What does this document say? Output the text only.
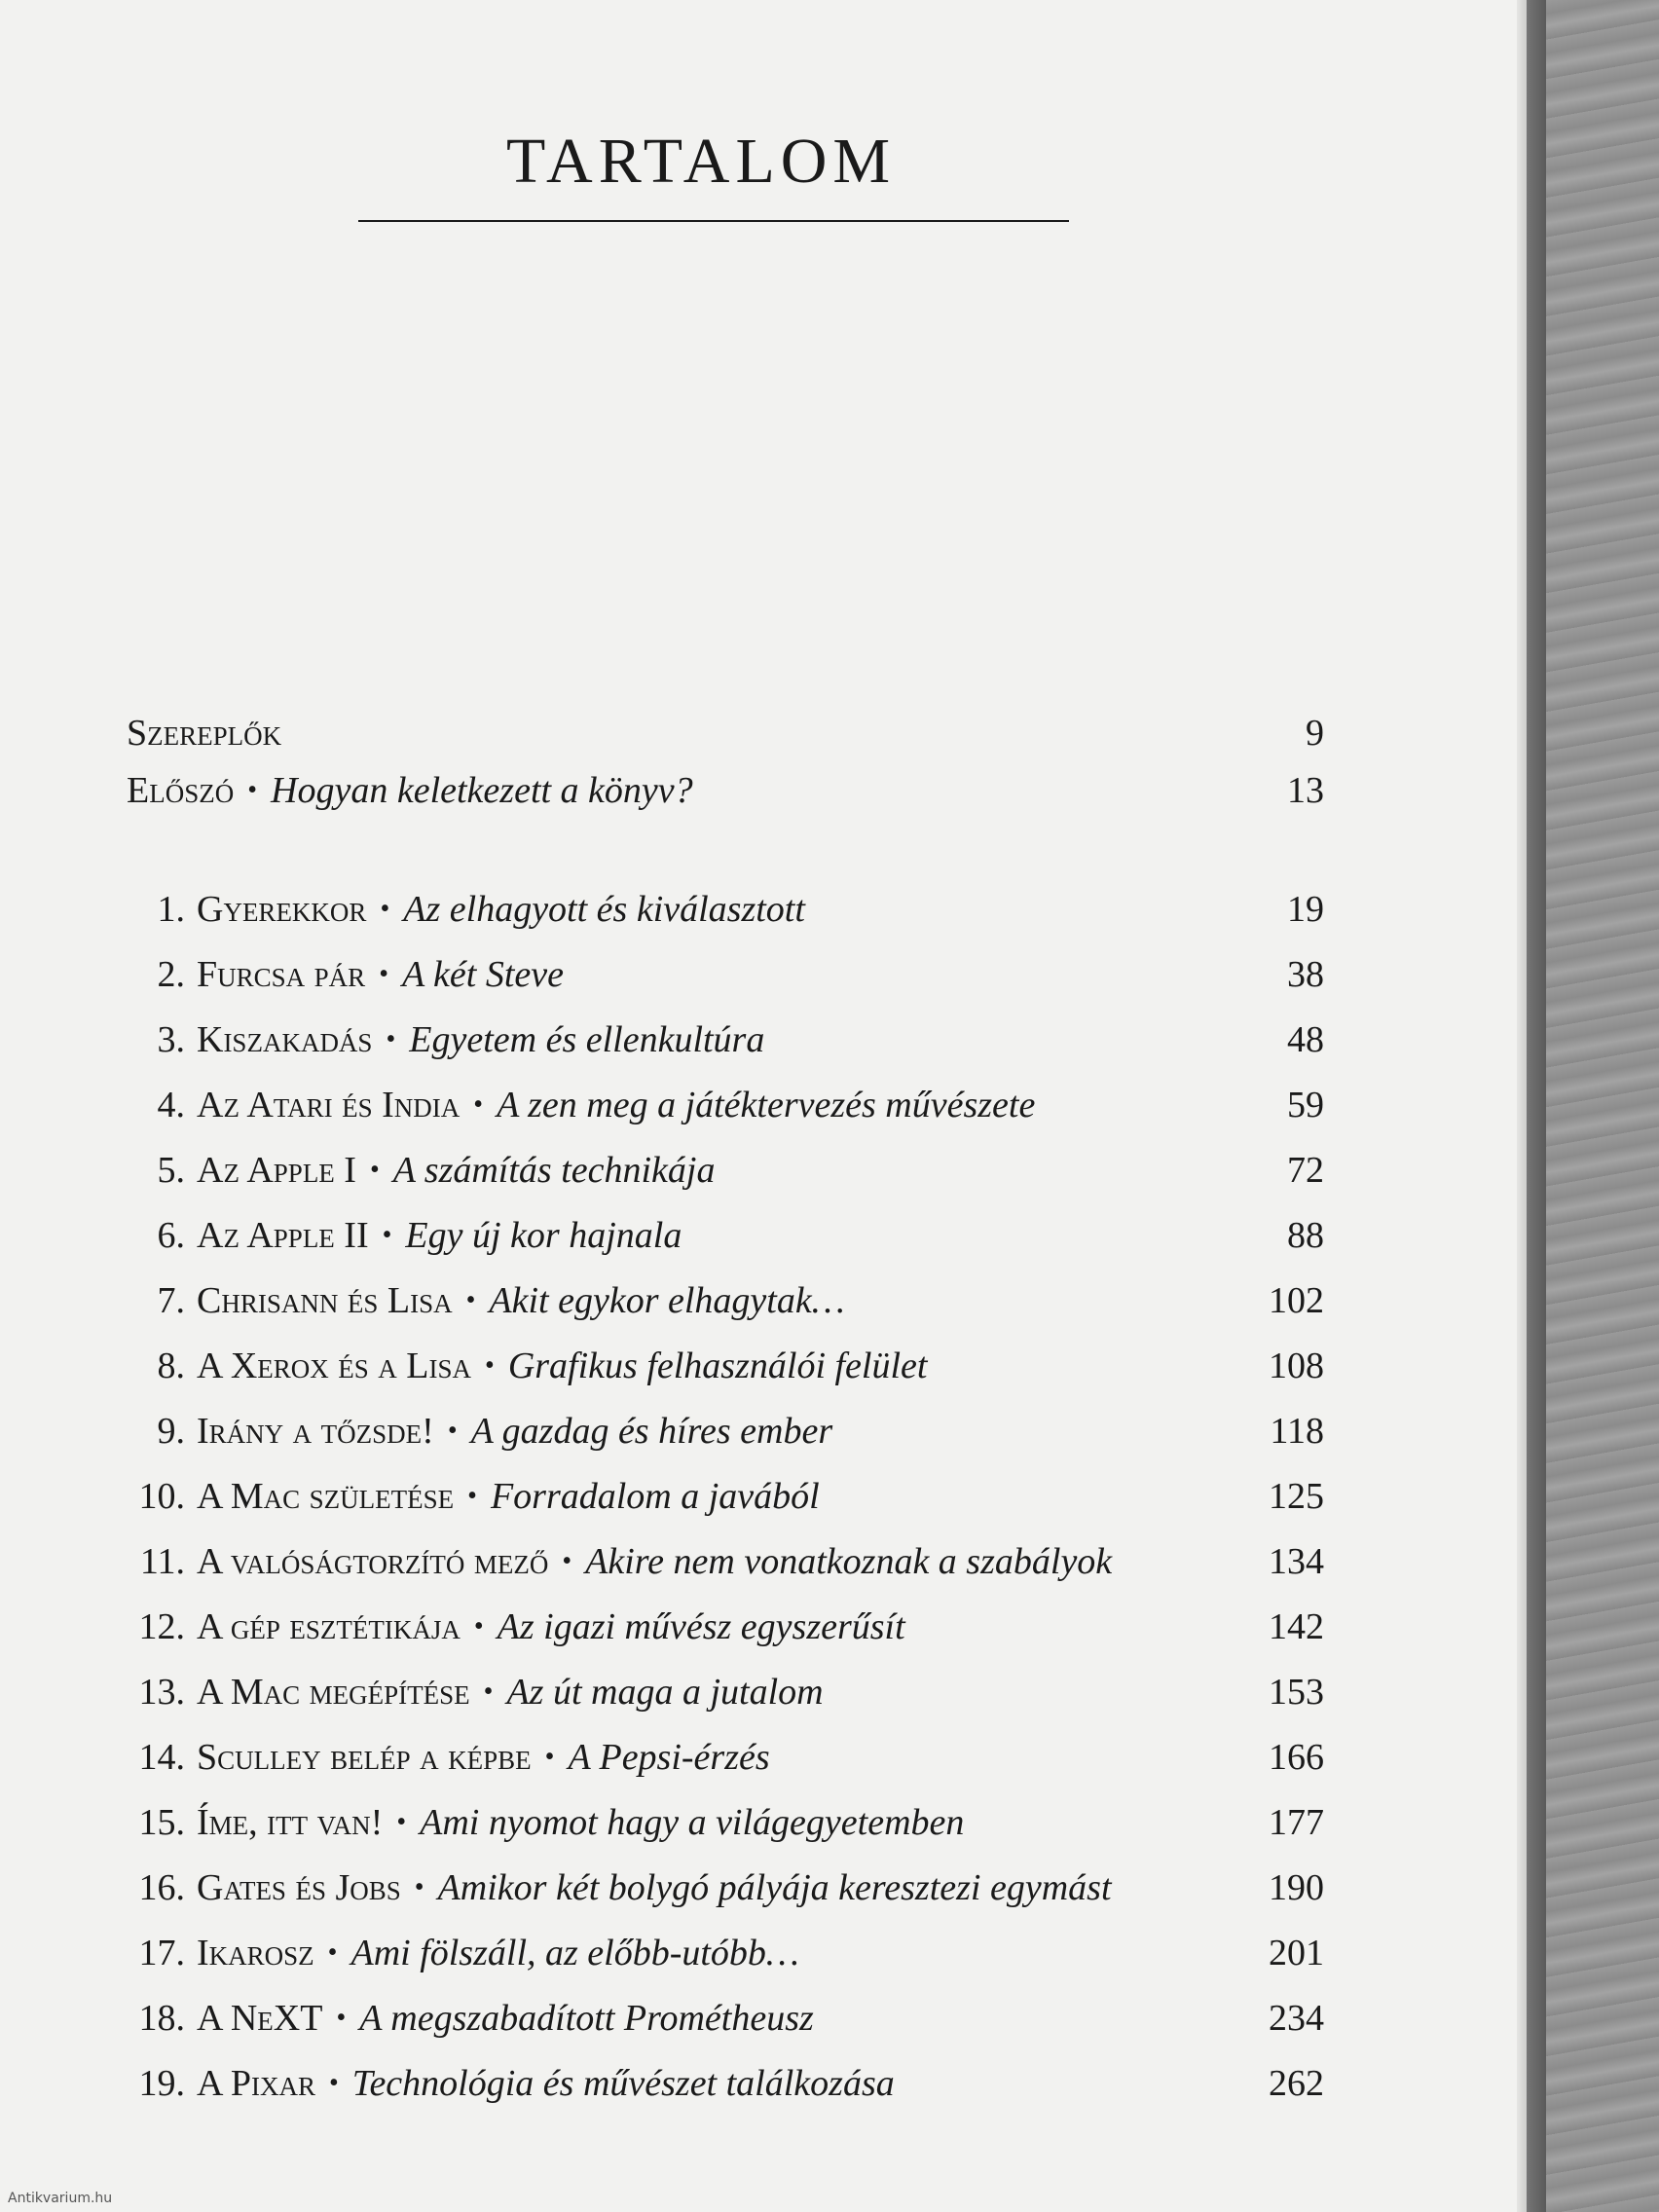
TARTALOM
Szereplők	9
Előszó • Hogyan keletkezett a könyv?	13
1. Gyerekkor • Az elhagyott és kiválasztott	19
2. Furcsa pár • A két Steve	38
3. Kiszakadás • Egyetem és ellenkultúra	48
4. Az Atari és India • A zen meg a játéktervezés művészete	59
5. Az Apple I • A számítás technikája	72
6. Az Apple II • Egy új kor hajnala	88
7. Chrisann és Lisa • Akit egykor elhagytak…	102
8. A Xerox és a Lisa • Grafikus felhasználói felület	108
9. Irány a tőzsde! • A gazdag és híres ember	118
10. A Mac születése • Forradalom a javából	125
11. A valóságtorzító mező • Akire nem vonatkoznak a szabályok	134
12. A gép esztétikája • Az igazi művész egyszerűsít	142
13. A Mac megépítése • Az út maga a jutalom	153
14. Sculley belép a képbe • A Pepsi-érzés	166
15. Íme, itt van! • Ami nyomot hagy a világegyetemben	177
16. Gates és Jobs • Amikor két bolygó pályája keresztezi egymást	190
17. Ikarosz • Ami fölszáll, az előbb-utóbb…	201
18. A NeXT • A megszabadított Prométheusz	234
19. A Pixar • Technológia és művészet találkozása	262
Antikvarium.hu
